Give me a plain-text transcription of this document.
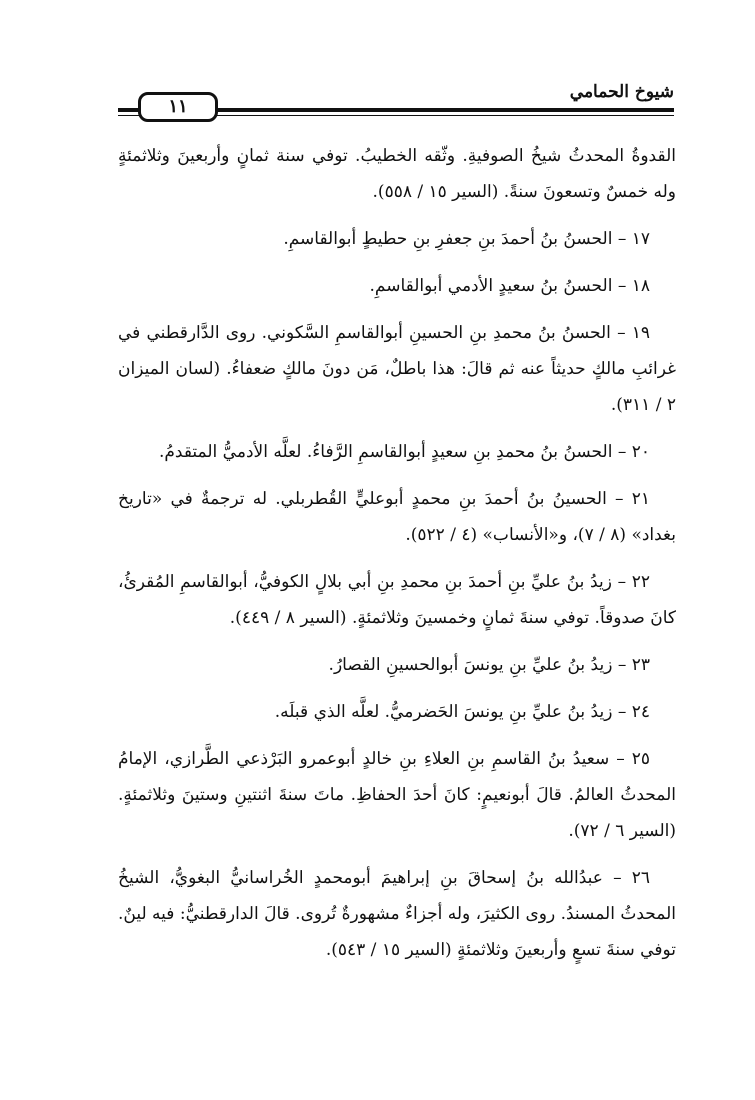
١١
شيوخ الحمامي

القدوةُ المحدثُ شيخُ الصوفيةِ. وثّقه الخطيبُ. توفي سنة ثمانٍ وأربعينَ وثلاثمئةٍ وله خمسٌ وتسعونَ سنةً. (السير ١٥ / ٥٥٨).

١٧ – الحسنُ بنُ أحمدَ بنِ جعفرِ بنِ حطيطٍ أبوالقاسمِ.

١٨ – الحسنُ بنُ سعيدٍ الأدمي أبوالقاسمِ.

١٩ – الحسنُ بنُ محمدِ بنِ الحسينِ أبوالقاسمِ السَّكوني. روى الدَّارقطني في غرائبِ مالكٍ حديثاً عنه ثم قالَ: هذا باطلٌ، مَن دونَ مالكٍ ضعفاءُ. (لسان الميزان ٢ / ٣١١).

٢٠ – الحسنُ بنُ محمدِ بنِ سعيدٍ أبوالقاسمِ الرَّفاءُ. لعلَّه الأدميُّ المتقدمُ.

٢١ – الحسينُ بنُ أحمدَ بنِ محمدٍ أبوعليٍّ القُطربلي. له ترجمةٌ في «تاريخ بغداد» (٨ / ٧)، و«الأنساب» (٤ / ٥٢٢).

٢٢ – زيدُ بنُ عليِّ بنِ أحمدَ بنِ محمدِ بنِ أبي بلالٍ الكوفيُّ، أبوالقاسمِ المُقرئُ، كانَ صدوقاً. توفي سنةَ ثمانٍ وخمسينَ وثلاثمئةٍ. (السير ٨ / ٤٤٩).

٢٣ – زيدُ بنُ عليِّ بنِ يونسَ أبوالحسينِ القصارُ.

٢٤ – زيدُ بنُ عليِّ بنِ يونسَ الحَضرميُّ. لعلَّه الذي قبلَه.

٢٥ – سعيدُ بنُ القاسمِ بنِ العلاءِ بنِ خالدٍ أبوعمرو البَرْذعي الطَّرازي، الإمامُ المحدثُ العالمُ. قالَ أبونعيمٍ: كانَ أحدَ الحفاظِ. ماتَ سنةَ اثنتينِ وستينَ وثلاثمئةٍ. (السير ٦ / ٧٢).

٢٦ – عبدُالله بنُ إسحاقَ بنِ إبراهيمَ أبومحمدٍ الخُراسانيُّ البغويُّ، الشيخُ المحدثُ المسندُ. روى الكثيرَ، وله أجزاءٌ مشهورةٌ تُروى. قالَ الدارقطنيُّ: فيه لينٌ. توفي سنةَ تسعٍ وأربعينَ وثلاثمئةٍ (السير ١٥ / ٥٤٣).
